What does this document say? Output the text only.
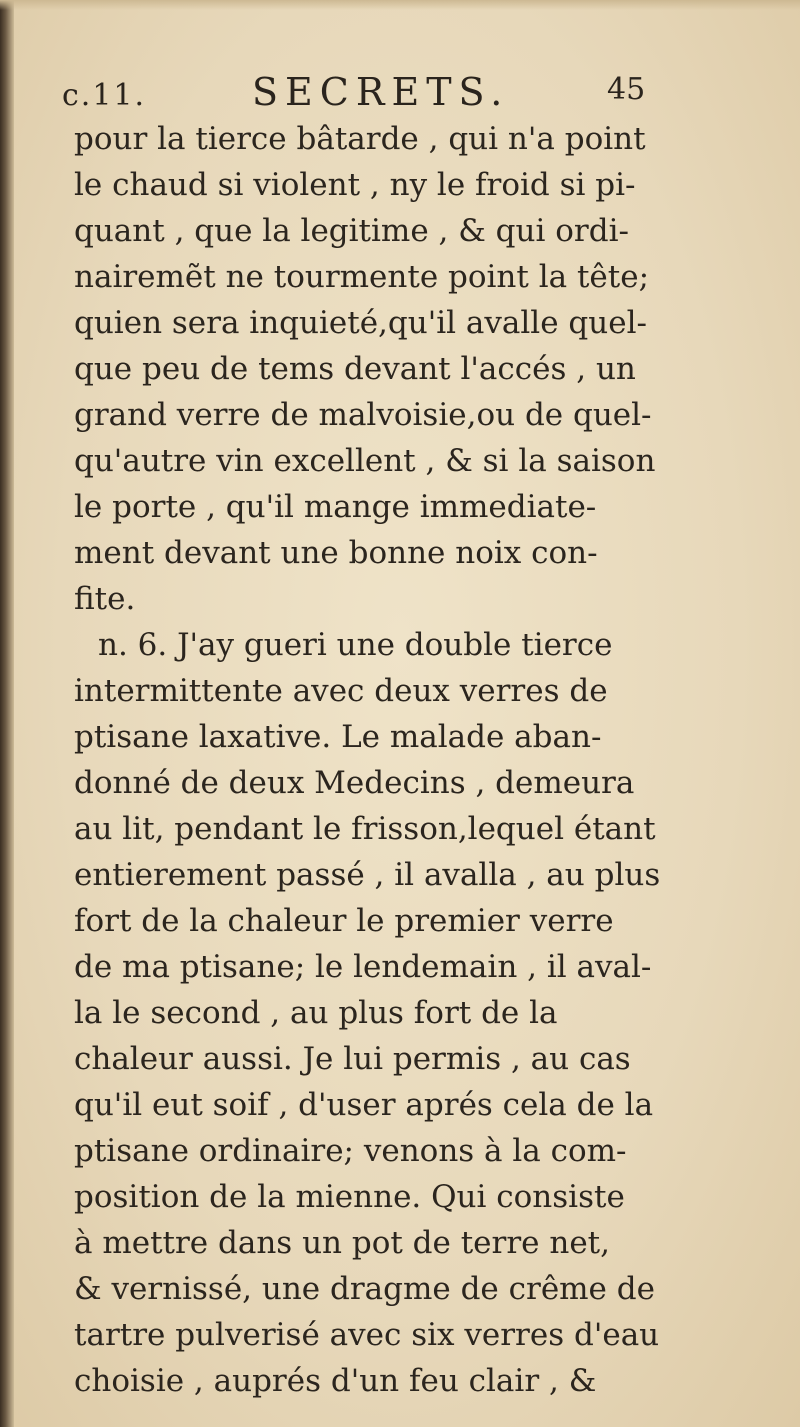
c.11.	SECRETS.	45
pour la tierce bâtarde , qui n'a point
le chaud si violent , ny le froid si pi-
quant , que la legitime , & qui ordi-
nairemẽt ne tourmente point la tête;
quien sera inquieté,qu'il avalle quel-
que peu de tems devant l'accés , un
grand verre de malvoisie,ou de quel-
qu'autre vin excellent , & si la saison
le porte , qu'il mange immediate-
ment devant une bonne noix con-
fite.
n. 6. J'ay gueri une double tierce
intermittente avec deux verres de
ptisane laxative. Le malade aban-
donné de deux Medecins , demeura
au lit, pendant le frisson,lequel étant
entierement passé , il avalla , au plus
fort de la chaleur le premier verre
de ma ptisane; le lendemain , il aval-
la le second , au plus fort de la
chaleur aussi. Je lui permis , au cas
qu'il eut soif , d'user aprés cela de la
ptisane ordinaire; venons à la com-
position de la mienne. Qui consiste
à mettre dans un pot de terre net,
& vernissé, une dragme de crême de
tartre pulverisé avec six verres d'eau
choisie , auprés d'un feu clair , &
